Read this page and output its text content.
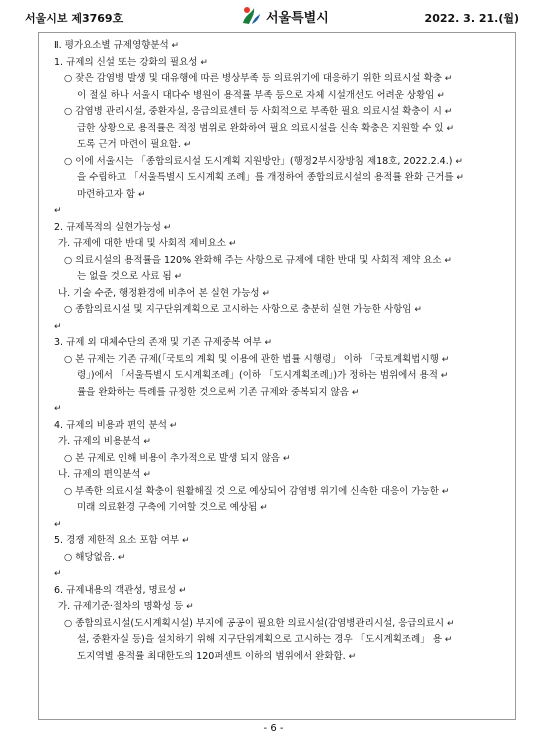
서울시보 제3769호	서울특별시	2022. 3. 21.(월)

Ⅱ. 평가요소별 규제영향분석 ↵

1. 규제의 신설 또는 강화의 필요성 ↵

○ 잦은 감염병 발생 및 대유행에 따른 병상부족 등 의료위기에 대응하기 위한 의료시설 확충 ↵

이 절실 하나 서울시 대다수 병원이 용적률 부족 등으로 자체 시설개선도 어려운 상황임 ↵

○ 감염병 관리시설, 중환자실, 응급의료센터 등 사회적으로 부족한 필요 의료시설 확충이 시 ↵

급한 상황으로 용적률은 적정 범위로 완화하여 필요 의료시설을 신속 확충은 지원할 수 있 ↵

도록 근거 마련이 필요함. ↵

○ 이에 서울시는 「종합의료시설 도시계획 지원방안」(행정2부시장방침 제18호, 2022.2.4.) ↵

을 수립하고 「서울특별시 도시계획 조례」를 개정하여 종합의료시설의 용적률 완화 근거를 ↵

마련하고자 함 ↵

↵

2. 규제목적의 실현가능성 ↵

가. 규제에 대한 반대 및 사회적 제비요소 ↵

○ 의료시설의 용적률을 120% 완화해 주는 사항으로 규제에 대한 반대 및 사회적 제약 요소 ↵

는 없을 것으로 사료 됨 ↵

나. 기술 수준, 행정환경에 비추어 본 실현 가능성 ↵

○ 종합의료시설 및 지구단위계획으로 고시하는 사항으로 충분히 실현 가능한 사항임 ↵

↵

3. 규제 외 대체수단의 존재 및 기존 규제중복 여부 ↵

○ 본 규제는 기존 규제(「국토의 계획 및 이용에 관한 법률 시행령」 이하 「국토계획법시행 ↵

령」)에서 「서울특별시 도시계획조례」(이하 「도시계획조례」)가 정하는 범위에서 용적 ↵

률을 완화하는 특례를 규정한 것으로써 기존 규제와 중복되지 않음 ↵

↵

4. 규제의 비용과 편익 분석 ↵

가. 규제의 비용분석 ↵

○ 본 규제로 인해 비용이 추가적으로 발생 되지 않음 ↵

나. 규제의 편익분석 ↵

○ 부족한 의료시설 확충이 원활해질 것 으로 예상되어 감염병 위기에 신속한 대응이 가능한 ↵

미래 의료환경 구축에 기여할 것으로 예상됨 ↵

↵

5. 경쟁 제한적 요소 포함 여부 ↵

○ 해당없음. ↵

↵

6. 규제내용의 객관성, 명료성 ↵

가. 규제기준·절차의 명확성 등 ↵

○ 종합의료시설(도시계획시설) 부지에 공공이 필요한 의료시설(감염병관리시설, 응급의료시 ↵

설, 중환자실 등)을 설치하기 위해 지구단위계획으로 고시하는 경우 「도시계획조례」 용 ↵

도지역별 용적률 최대한도의 120퍼센트 이하의 범위에서 완화함. ↵

- 6 -
